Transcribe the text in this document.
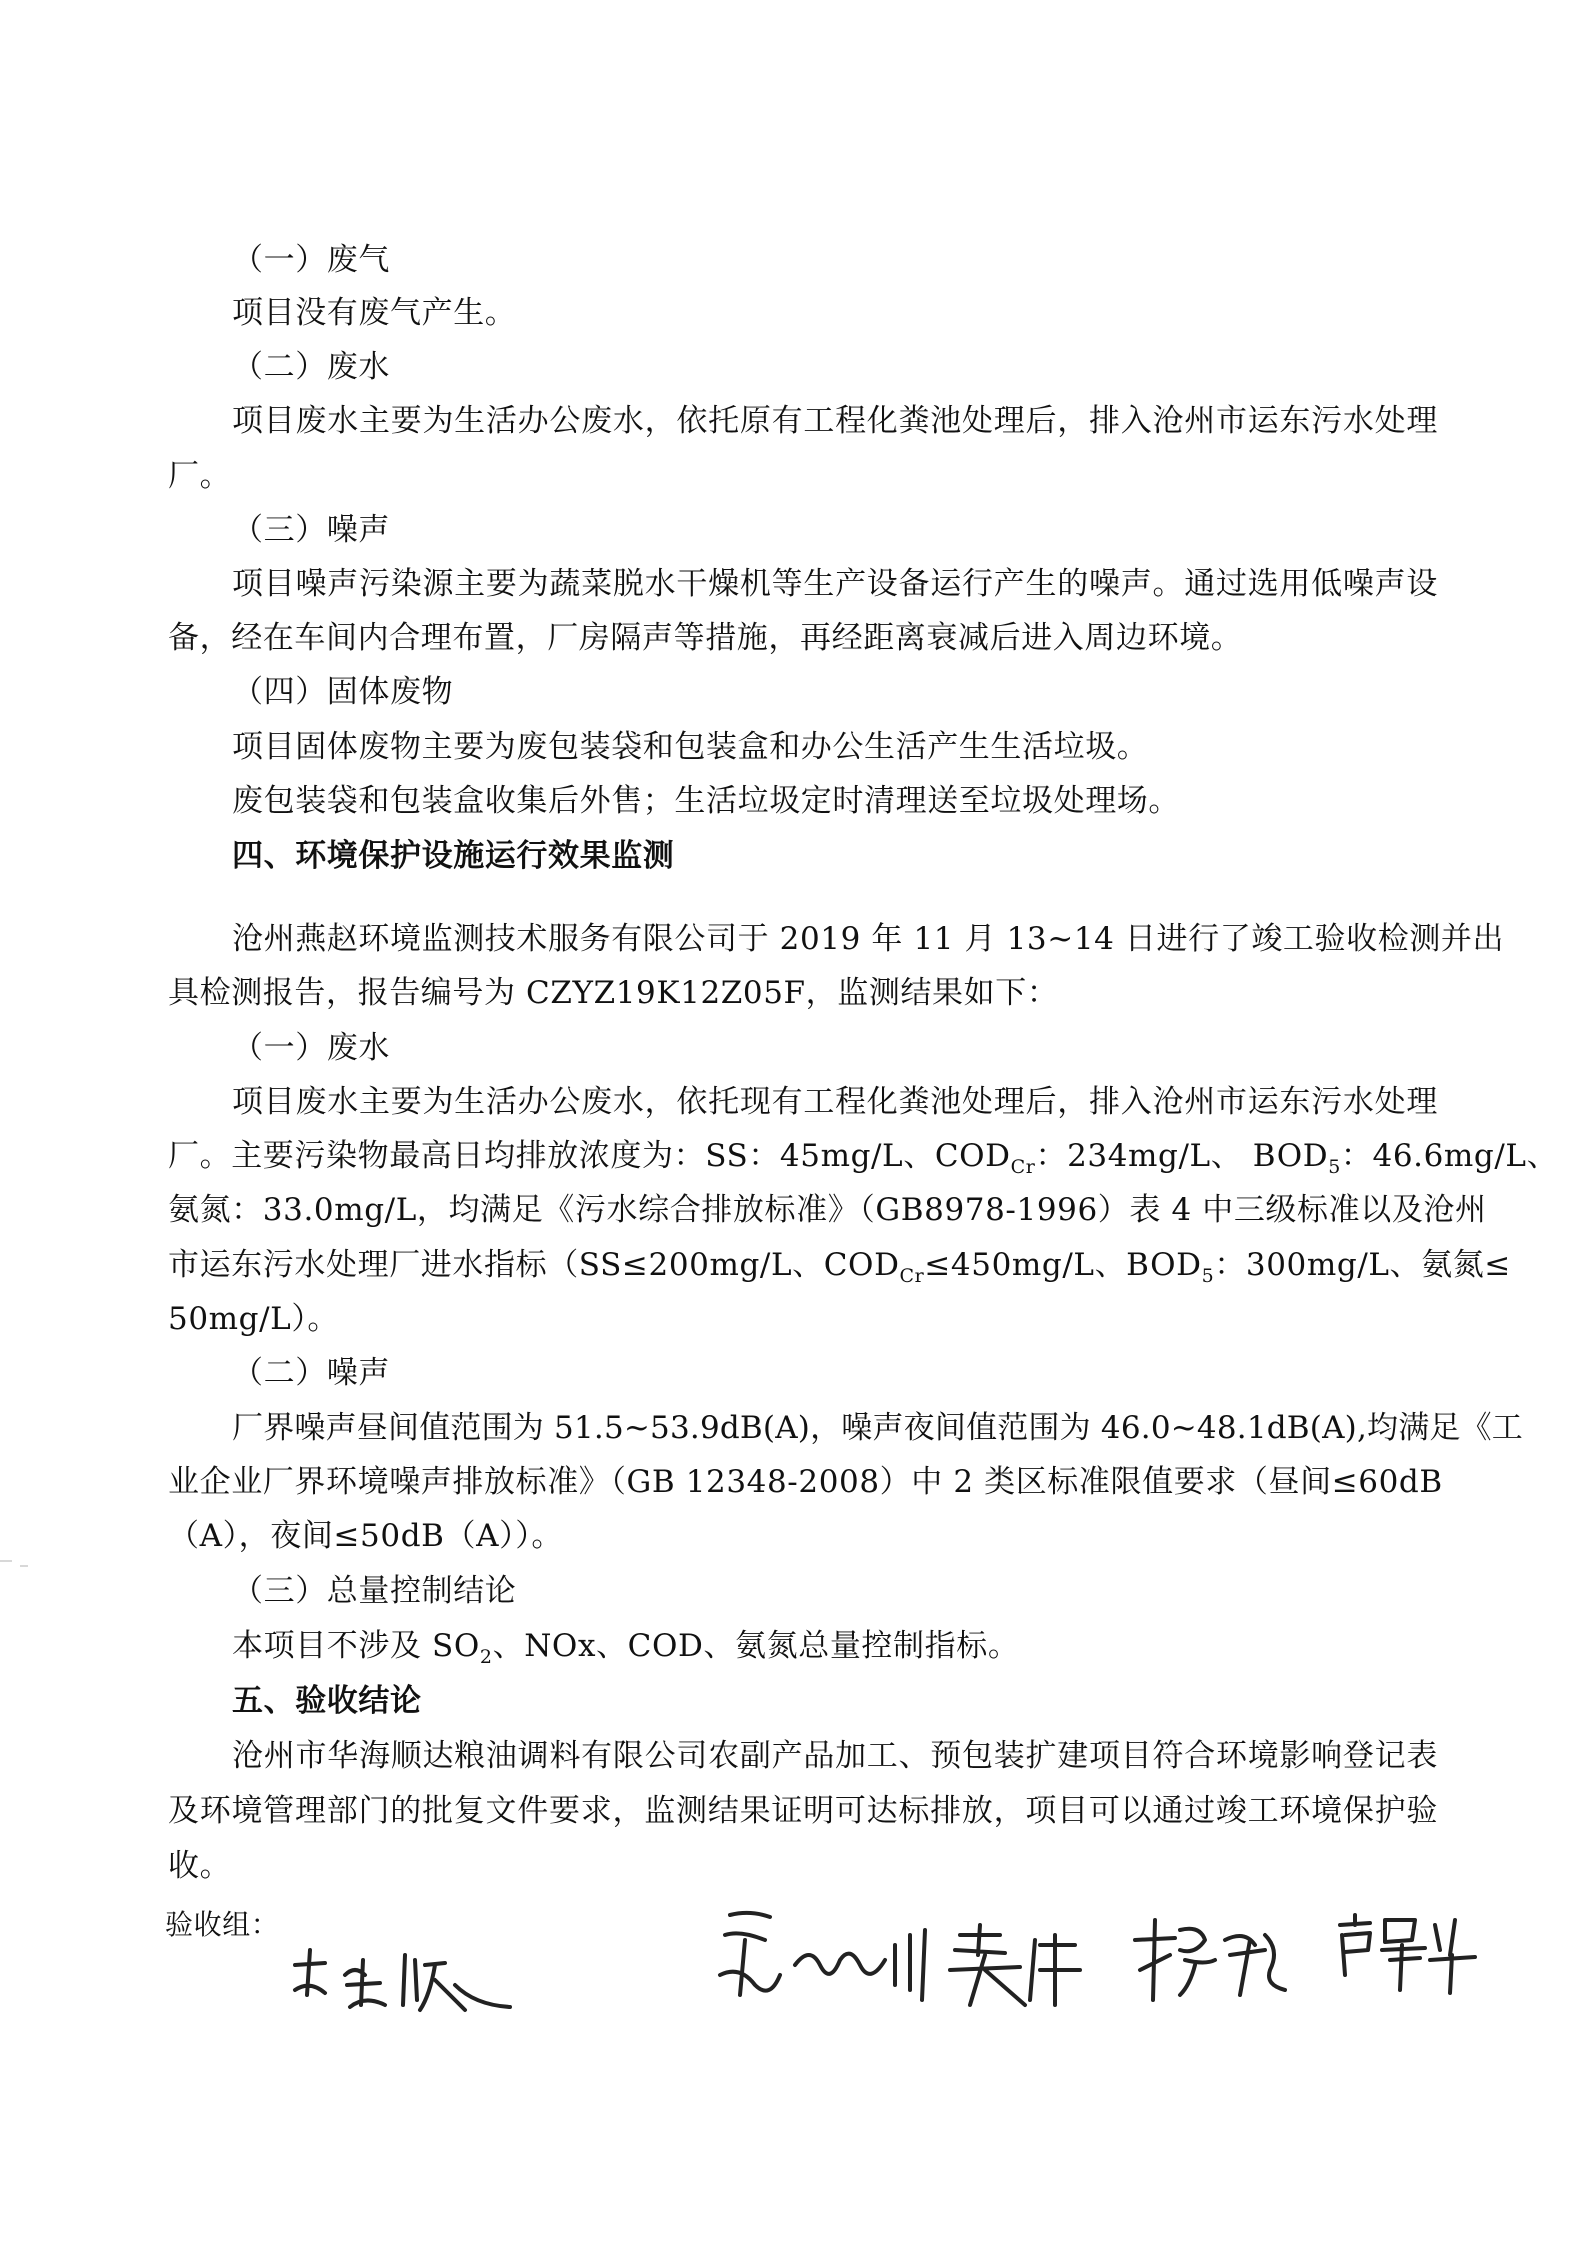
（一）废气
项目没有废气产生。
（二）废水
项目废水主要为生活办公废水，依托原有工程化粪池处理后，排入沧州市运东污水处理
厂。
（三）噪声
项目噪声污染源主要为蔬菜脱水干燥机等生产设备运行产生的噪声。通过选用低噪声设
备，经在车间内合理布置，厂房隔声等措施，再经距离衰减后进入周边环境。
（四）固体废物
项目固体废物主要为废包装袋和包装盒和办公生活产生生活垃圾。
废包装袋和包装盒收集后外售；生活垃圾定时清理送至垃圾处理场。
四、环境保护设施运行效果监测
沧州燕赵环境监测技术服务有限公司于 2019 年 11 月 13~14 日进行了竣工验收检测并出
具检测报告，报告编号为 CZYZ19K12Z05F，监测结果如下：
（一）废水
项目废水主要为生活办公废水，依托现有工程化粪池处理后，排入沧州市运东污水处理
厂。主要污染物最高日均排放浓度为：SS：45mg/L、$COD_{Cr}$：234mg/L、 $BOD_5$：46.6mg/L、
氨氮：33.0mg/L，均满足《污水综合排放标准》（GB8978-1996）表 4 中三级标准以及沧州
市运东污水处理厂进水指标（SS≤200mg/L、$COD_{Cr}\le 450mg/L$、$BOD_5$：300mg/L、氨氮≤
50mg/L）。
（二）噪声
厂界噪声昼间值范围为 51.5~53.9dB(A)，噪声夜间值范围为 46.0~48.1dB(A),均满足《工
业企业厂界环境噪声排放标准》（GB 12348-2008）中 2 类区标准限值要求（昼间≤60dB
（A），夜间≤50dB（A））。
（三）总量控制结论
本项目不涉及 $SO_2$、NOx、COD、氨氮总量控制指标。
五、验收结论
沧州市华海顺达粮油调料有限公司农副产品加工、预包装扩建项目符合环境影响登记表
及环境管理部门的批复文件要求，监测结果证明可达标排放，项目可以通过竣工环境保护验
收。
验收组：
